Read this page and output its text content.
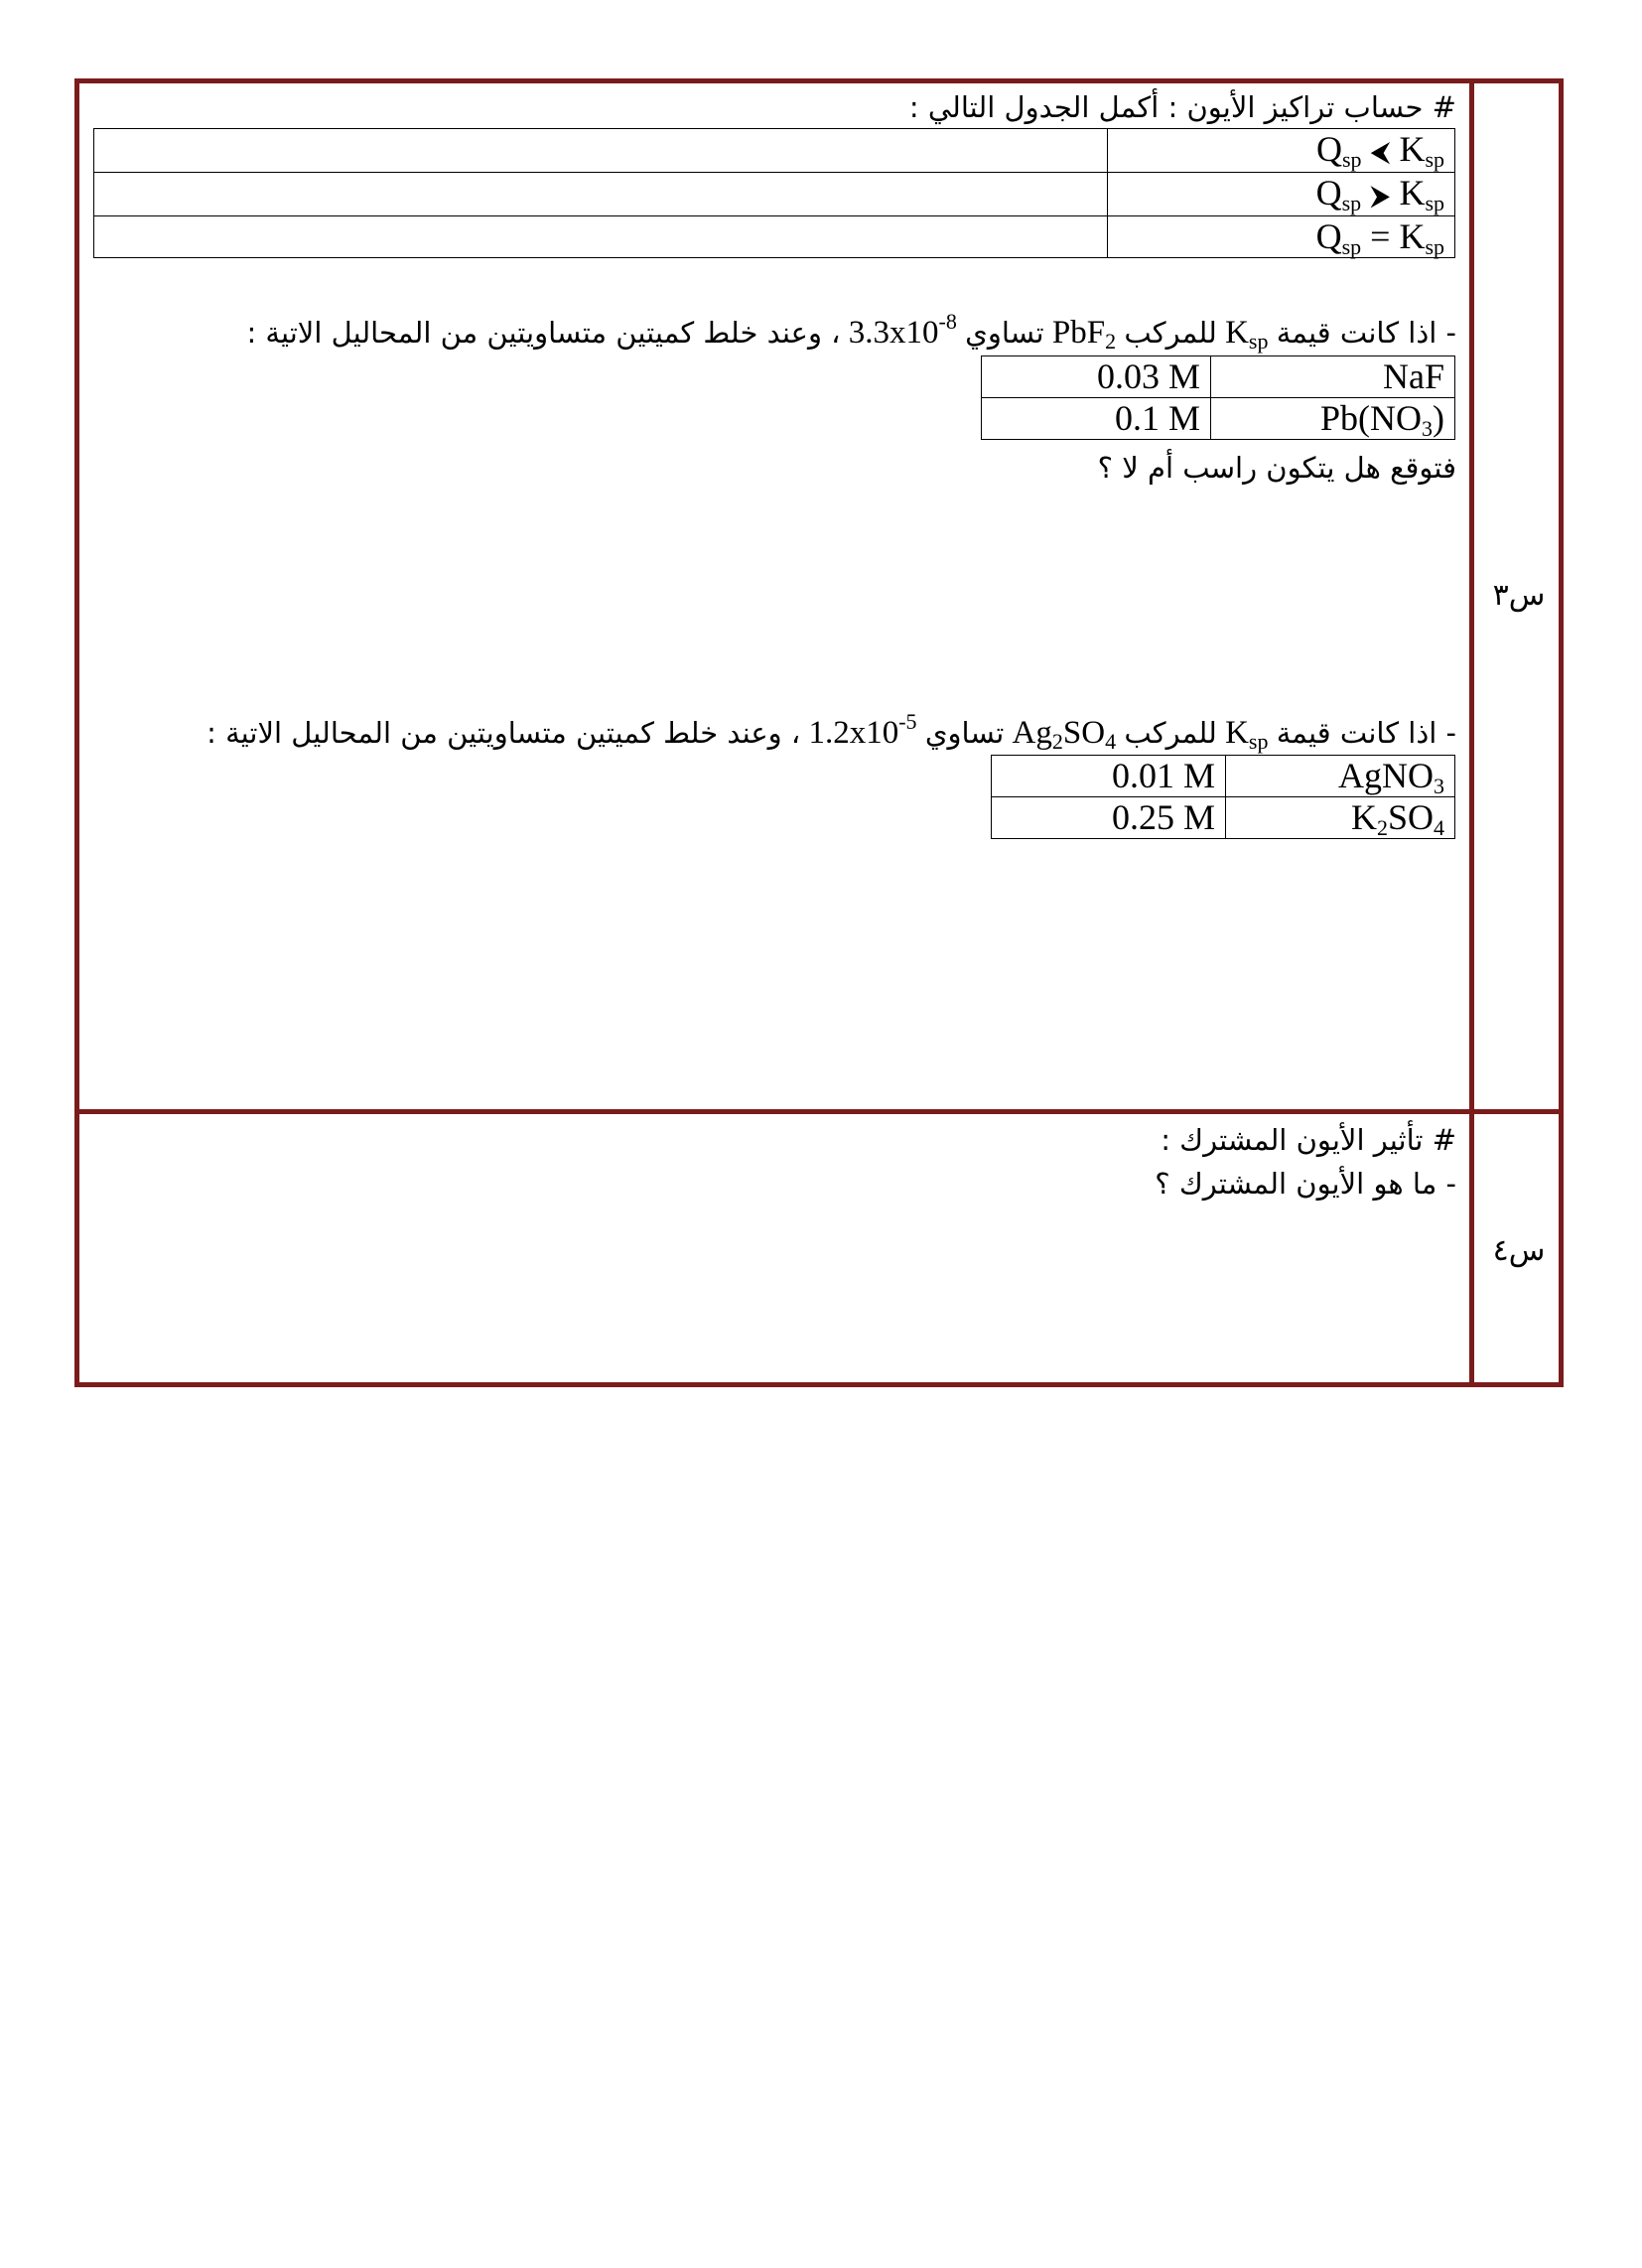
س٣
# حساب تراكيز الأيون : أكمل الجدول التالي :
	$Q_{sp}$ ⮜ $K_{sp}$
	$Q_{sp}$ ⮞ $K_{sp}$
	$Q_{sp} = K_{sp}$
- اذا كانت قيمة $K_{sp}$ للمركب PbF$_2$ تساوي $3.3x10^{-8}$ ، وعند خلط كميتين متساويتين من المحاليل الاتية :
0.03 M	NaF
0.1 M	$Pb(NO_3)$
فتوقع هل يتكون راسب أم لا ؟
- اذا كانت قيمة $K_{sp}$ للمركب $Ag_2SO_4$ تساوي $1.2x10^{-5}$ ، وعند خلط كميتين متساويتين من المحاليل الاتية :
0.01 M	AgNO$_3$
0.25 M	$K_2SO_4$
س٤
# تأثير الأيون المشترك :
- ما هو الأيون المشترك ؟
